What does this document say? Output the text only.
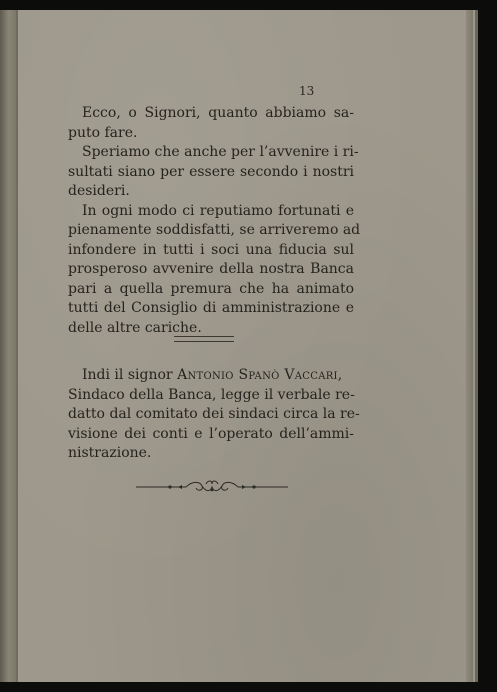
13
Ecco, o Signori, quanto abbiamo sa-
puto fare.
Speriamo che anche per l’avvenire i ri-
sultati siano per essere secondo i nostri
desideri.
In ogni modo ci reputiamo fortunati e
pienamente soddisfatti, se arriveremo ad
infondere in tutti i soci una fiducia sul
prosperoso avvenire della nostra Banca
pari a quella premura che ha animato
tutti del Consiglio di amministrazione e
delle altre cariche.
Indi il signor Antonio Spanò Vaccari,
Sindaco della Banca, legge il verbale re-
datto dal comitato dei sindaci circa la re-
visione dei conti e l’operato dell’ammi-
nistrazione.
